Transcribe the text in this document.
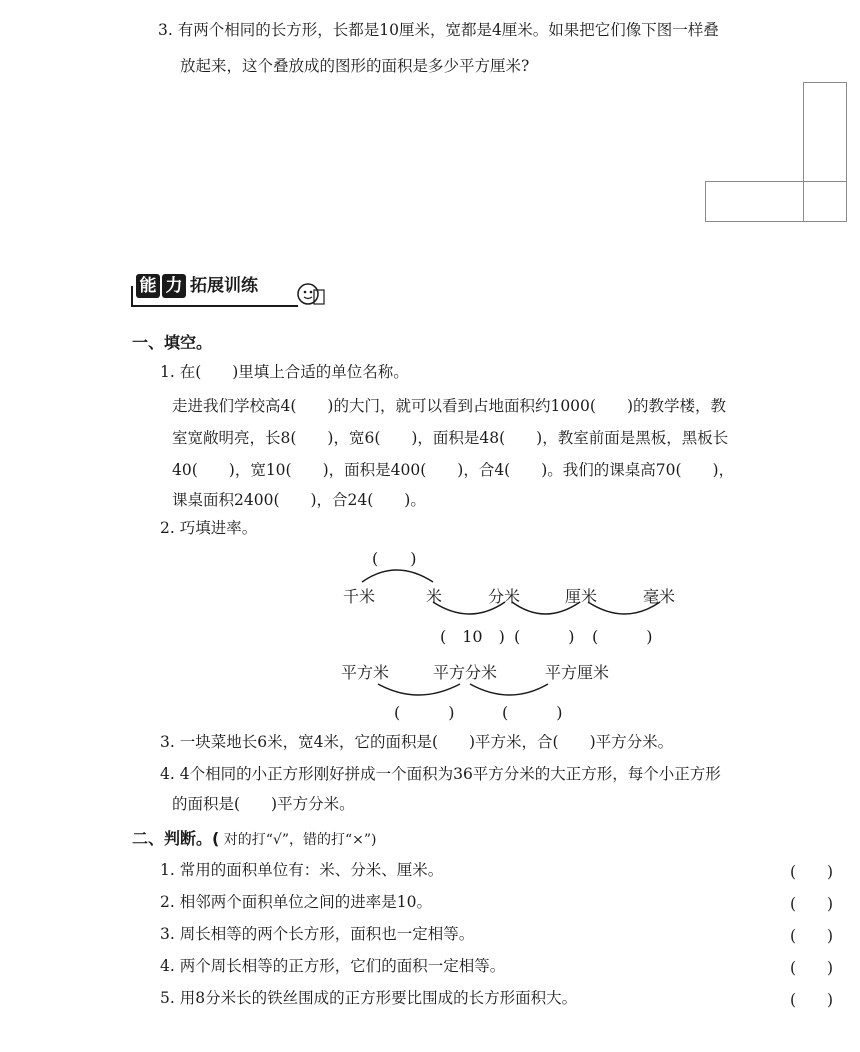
3. 有两个相同的长方形，长都是10厘米，宽都是4厘米。如果把它们像下图一样叠
放起来，这个叠放成的图形的面积是多少平方厘米?
能 力 拓展训练
一、填空。
1. 在(　　)里填上合适的单位名称。
走进我们学校高4(　　)的大门，就可以看到占地面积约1000(　　)的教学楼，教
室宽敞明亮，长8(　　)，宽6(　　)，面积是48(　　)，教室前面是黑板，黑板长
40(　　)，宽10(　　)，面积是400(　　)，合4(　　)。我们的课桌高70(　　)，
课桌面积2400(　　)，合24(　　)。
2. 巧填进率。
(　　)
千米	米	分米	厘米	毫米
(　10　) (　　　) (　　　)
平方米	平方分米	平方厘米
(　　　)	(　　　)
3. 一块菜地长6米，宽4米，它的面积是(　　)平方米，合(　　)平方分米。
4. 4个相同的小正方形刚好拼成一个面积为36平方分米的大正方形，每个小正方形
的面积是(　　)平方分米。
二、判断。( 对的打“√”，错的打“×”)
1. 常用的面积单位有：米、分米、厘米。	(　　)
2. 相邻两个面积单位之间的进率是10。	(　　)
3. 周长相等的两个长方形，面积也一定相等。	(　　)
4. 两个周长相等的正方形，它们的面积一定相等。	(　　)
5. 用8分米长的铁丝围成的正方形要比围成的长方形面积大。	(　　)
